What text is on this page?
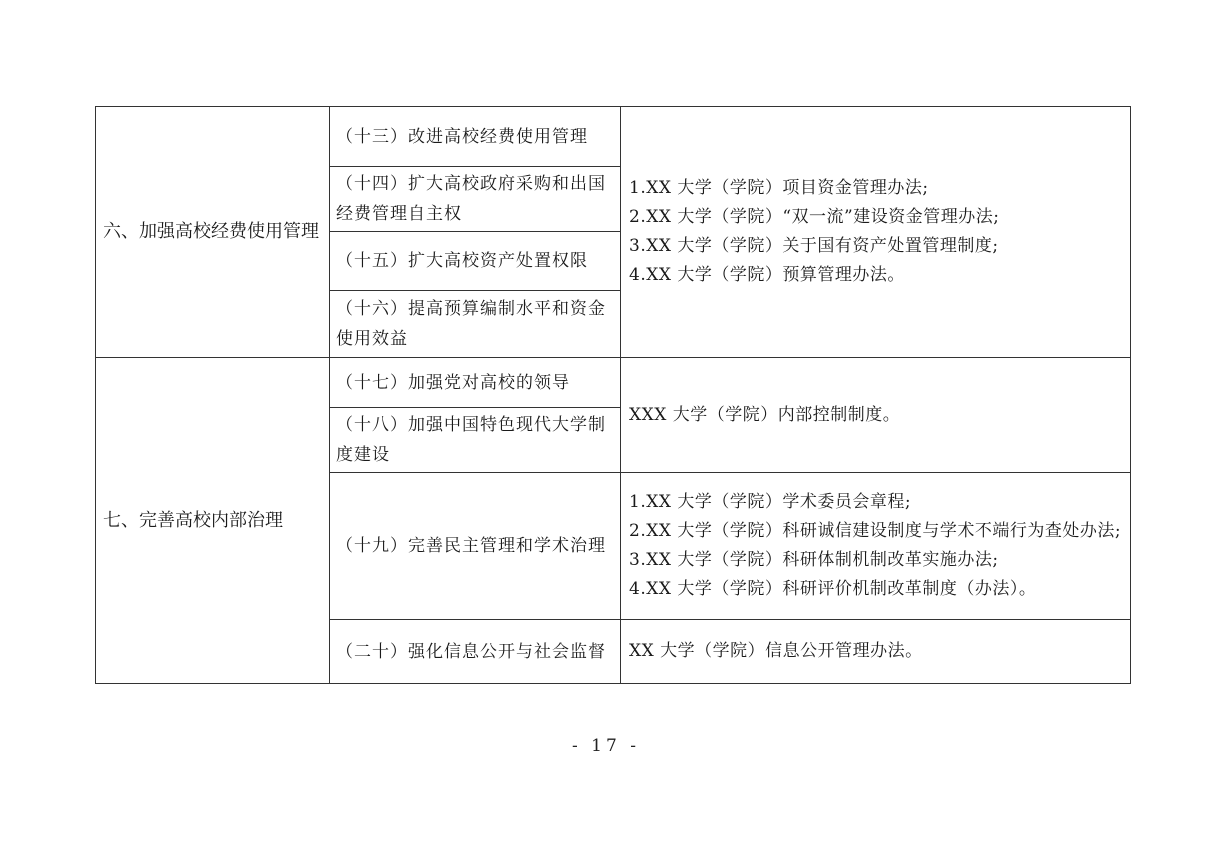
六、加强高校经费使用管理	（十三）改进高校经费使用管理	1.XX 大学（学院）项目资金管理办法;
2.XX 大学（学院）“双一流”建设资金管理办法;
3.XX 大学（学院）关于国有资产处置管理制度;
4.XX 大学（学院）预算管理办法。

	（十四）扩大高校政府采购和出国经费管理自主权	

	（十五）扩大高校资产处置权限	

	（十六）提高预算编制水平和资金使用效益	

七、完善高校内部治理	（十七）加强党对高校的领导	XXX 大学（学院）内部控制制度。

	（十八）加强中国特色现代大学制度建设	

	（十九）完善民主管理和学术治理	1.XX 大学（学院）学术委员会章程;
2.XX 大学（学院）科研诚信建设制度与学术不端行为查处办法;
3.XX 大学（学院）科研体制机制改革实施办法;
4.XX 大学（学院）科研评价机制改革制度（办法）。

	（二十）强化信息公开与社会监督	XX 大学（学院）信息公开管理办法。
- 17 -
